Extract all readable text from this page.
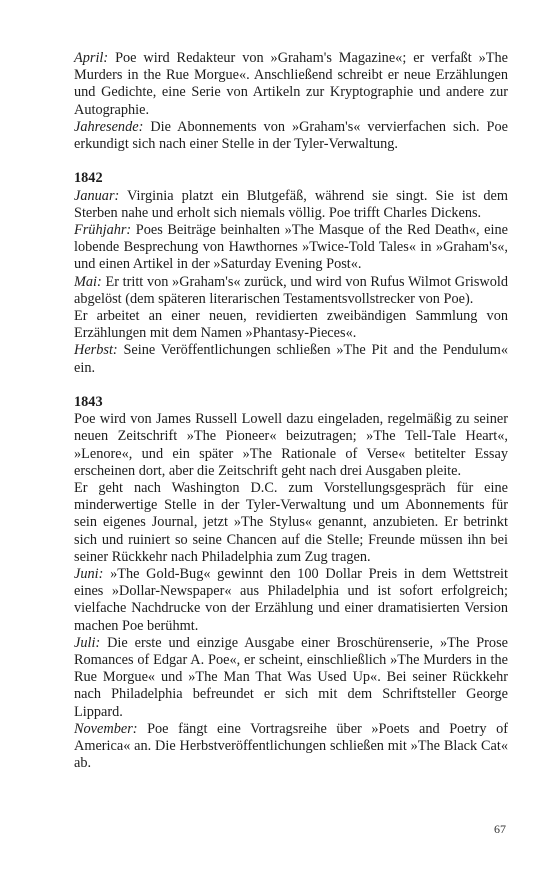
April: Poe wird Redakteur von »Graham's Magazine«; er verfaßt »The Murders in the Rue Morgue«. Anschließend schreibt er neue Erzählungen und Gedichte, eine Serie von Artikeln zur Kryptographie und andere zur Autographie.

Jahresende: Die Abonnements von »Graham's« vervierfachen sich. Poe erkundigt sich nach einer Stelle in der Tyler-Verwaltung.

1842

Januar: Virginia platzt ein Blutgefäß, während sie singt. Sie ist dem Sterben nahe und erholt sich niemals völlig. Poe trifft Charles Dickens.

Frühjahr: Poes Beiträge beinhalten »The Masque of the Red Death«, eine lobende Besprechung von Hawthornes »Twice-Told Tales« in »Graham's«, und einen Artikel in der »Saturday Evening Post«.

Mai: Er tritt von »Graham's« zurück, und wird von Rufus Wilmot Griswold abgelöst (dem späteren literarischen Testamentsvollstrecker von Poe).

Er arbeitet an einer neuen, revidierten zweibändigen Sammlung von Erzählungen mit dem Namen »Phantasy-Pieces«.

Herbst: Seine Veröffentlichungen schließen »The Pit and the Pendulum« ein.

1843

Poe wird von James Russell Lowell dazu eingeladen, regelmäßig zu seiner neuen Zeitschrift »The Pioneer« beizutragen; »The Tell-Tale Heart«, »Lenore«, und ein später »The Rationale of Verse« betitelter Essay erscheinen dort, aber die Zeitschrift geht nach drei Ausgaben pleite.

Er geht nach Washington D.C. zum Vorstellungsgespräch für eine minderwertige Stelle in der Tyler-Verwaltung und um Abonnements für sein eigenes Journal, jetzt »The Stylus« genannt, anzubieten. Er betrinkt sich und ruiniert so seine Chancen auf die Stelle; Freunde müssen ihn bei seiner Rückkehr nach Philadelphia zum Zug tragen.

Juni: »The Gold-Bug« gewinnt den 100 Dollar Preis in dem Wettstreit eines »Dollar-Newspaper« aus Philadelphia und ist sofort erfolgreich; vielfache Nachdrucke von der Erzählung und einer dramatisierten Version machen Poe berühmt.

Juli: Die erste und einzige Ausgabe einer Broschürenserie, »The Prose Romances of Edgar A. Poe«, er scheint, einschließlich »The Murders in the Rue Morgue« und »The Man That Was Used Up«. Bei seiner Rückkehr nach Philadelphia befreundet er sich mit dem Schriftsteller George Lippard.

November: Poe fängt eine Vortragsreihe über »Poets and Poetry of America« an. Die Herbstveröffentlichungen schließen mit »The Black Cat« ab.

67
